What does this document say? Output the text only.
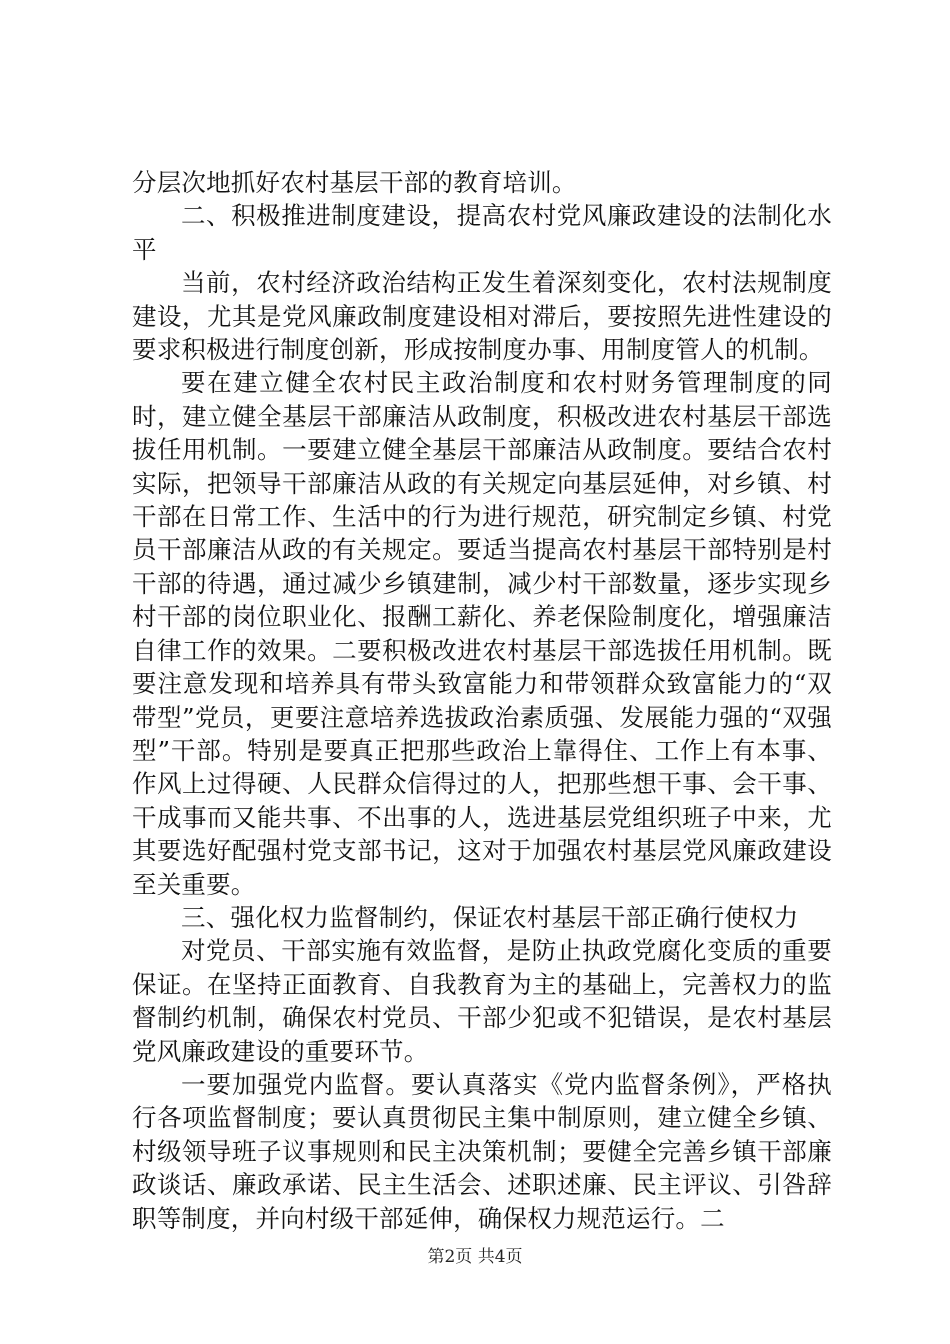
分层次地抓好农村基层干部的教育培训。

二、积极推进制度建设，提高农村党风廉政建设的法制化水平

当前，农村经济政治结构正发生着深刻变化，农村法规制度建设，尤其是党风廉政制度建设相对滞后，要按照先进性建设的要求积极进行制度创新，形成按制度办事、用制度管人的机制。

要在建立健全农村民主政治制度和农村财务管理制度的同时，建立健全基层干部廉洁从政制度，积极改进农村基层干部选拔任用机制。一要建立健全基层干部廉洁从政制度。要结合农村实际，把领导干部廉洁从政的有关规定向基层延伸，对乡镇、村干部在日常工作、生活中的行为进行规范，研究制定乡镇、村党员干部廉洁从政的有关规定。要适当提高农村基层干部特别是村干部的待遇，通过减少乡镇建制，减少村干部数量，逐步实现乡村干部的岗位职业化、报酬工薪化、养老保险制度化，增强廉洁自律工作的效果。二要积极改进农村基层干部选拔任用机制。既要注意发现和培养具有带头致富能力和带领群众致富能力的“双带型”党员，更要注意培养选拔政治素质强、发展能力强的“双强型”干部。特别是要真正把那些政治上靠得住、工作上有本事、作风上过得硬、人民群众信得过的人，把那些想干事、会干事、干成事而又能共事、不出事的人，选进基层党组织班子中来，尤其要选好配强村党支部书记，这对于加强农村基层党风廉政建设至关重要。

三、强化权力监督制约，保证农村基层干部正确行使权力

对党员、干部实施有效监督，是防止执政党腐化变质的重要保证。在坚持正面教育、自我教育为主的基础上，完善权力的监督制约机制，确保农村党员、干部少犯或不犯错误，是农村基层党风廉政建设的重要环节。

一要加强党内监督。要认真落实《党内监督条例》，严格执行各项监督制度；要认真贯彻民主集中制原则，建立健全乡镇、村级领导班子议事规则和民主决策机制；要健全完善乡镇干部廉政谈话、廉政承诺、民主生活会、述职述廉、民主评议、引咎辞职等制度，并向村级干部延伸，确保权力规范运行。二

第2页 共4页
